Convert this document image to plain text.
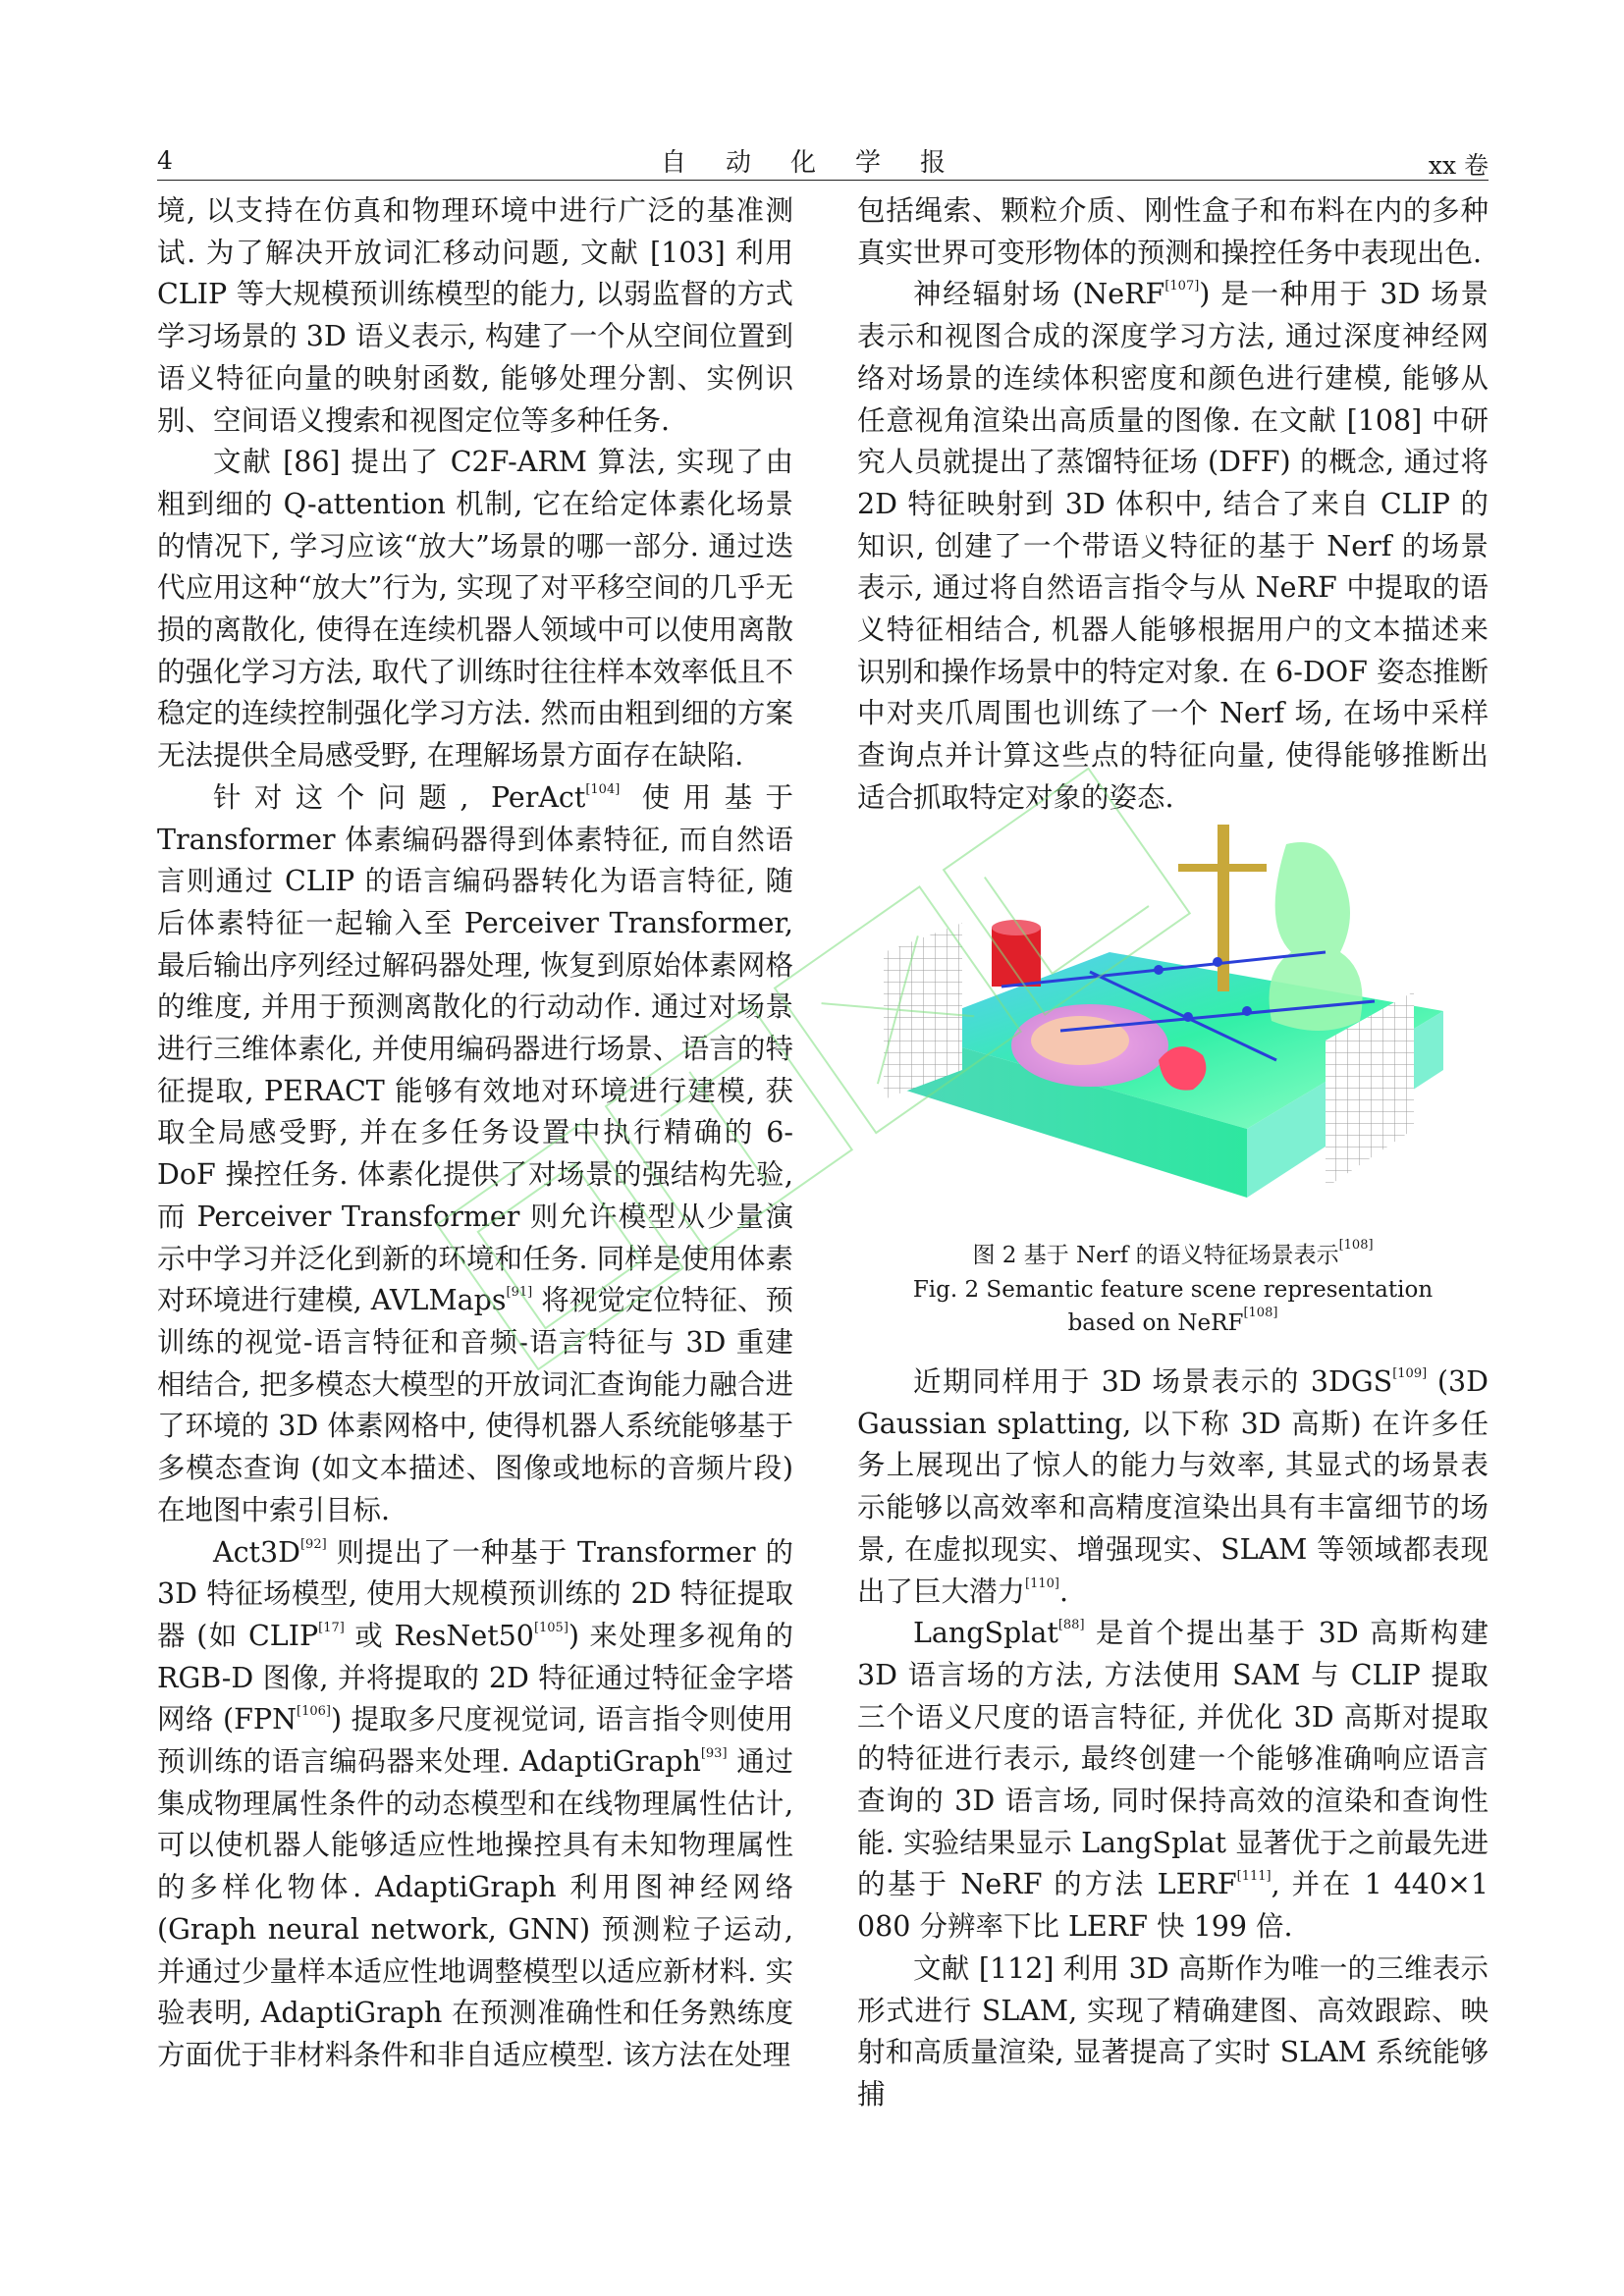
4	自动化学报	xx 卷

境, 以支持在仿真和物理环境中进行广泛的基准测试. 为了解决开放词汇移动问题, 文献 [103] 利用 CLIP 等大规模预训练模型的能力, 以弱监督的方式学习场景的 3D 语义表示, 构建了一个从空间位置到语义特征向量的映射函数, 能够处理分割、实例识别、空间语义搜索和视图定位等多种任务.

文献 [86] 提出了 C2F-ARM 算法, 实现了由粗到细的 Q-attention 机制, 它在给定体素化场景的情况下, 学习应该“放大”场景的哪一部分. 通过迭代应用这种“放大”行为, 实现了对平移空间的几乎无损的离散化, 使得在连续机器人领域中可以使用离散的强化学习方法, 取代了训练时往往样本效率低且不稳定的连续控制强化学习方法. 然而由粗到细的方案无法提供全局感受野, 在理解场景方面存在缺陷.

针对这个问题, PerAct[104] 使用基于 Transformer 体素编码器得到体素特征, 而自然语言则通过 CLIP 的语言编码器转化为语言特征, 随后体素特征一起输入至 Perceiver Transformer, 最后输出序列经过解码器处理, 恢复到原始体素网格的维度, 并用于预测离散化的行动动作. 通过对场景进行三维体素化, 并使用编码器进行场景、语言的特征提取, PERACT 能够有效地对环境进行建模, 获取全局感受野, 并在多任务设置中执行精确的 6-DoF 操控任务. 体素化提供了对场景的强结构先验, 而 Perceiver Transformer 则允许模型从少量演示中学习并泛化到新的环境和任务. 同样是使用体素对环境进行建模, AVLMaps[91] 将视觉定位特征、预训练的视觉-语言特征和音频-语言特征与 3D 重建相结合, 把多模态大模型的开放词汇查询能力融合进了环境的 3D 体素网格中, 使得机器人系统能够基于多模态查询 (如文本描述、图像或地标的音频片段) 在地图中索引目标.

Act3D[92] 则提出了一种基于 Transformer 的 3D 特征场模型, 使用大规模预训练的 2D 特征提取器 (如 CLIP[17] 或 ResNet50[105]) 来处理多视角的 RGB-D 图像, 并将提取的 2D 特征通过特征金字塔网络 (FPN[106]) 提取多尺度视觉词, 语言指令则使用预训练的语言编码器来处理. AdaptiGraph[93] 通过集成物理属性条件的动态模型和在线物理属性估计, 可以使机器人能够适应性地操控具有未知物理属性的多样化物体. AdaptiGraph 利用图神经网络 (Graph neural network, GNN) 预测粒子运动, 并通过少量样本适应性地调整模型以适应新材料. 实验表明, AdaptiGraph 在预测准确性和任务熟练度方面优于非材料条件和非自适应模型. 该方法在处理

包括绳索、颗粒介质、刚性盒子和布料在内的多种真实世界可变形物体的预测和操控任务中表现出色.

神经辐射场 (NeRF[107]) 是一种用于 3D 场景表示和视图合成的深度学习方法, 通过深度神经网络对场景的连续体积密度和颜色进行建模, 能够从任意视角渲染出高质量的图像. 在文献 [108] 中研究人员就提出了蒸馏特征场 (DFF) 的概念, 通过将 2D 特征映射到 3D 体积中, 结合了来自 CLIP 的知识, 创建了一个带语义特征的基于 Nerf 的场景表示, 通过将自然语言指令与从 NeRF 中提取的语义特征相结合, 机器人能够根据用户的文本描述来识别和操作场景中的特定对象. 在 6-DOF 姿态推断中对夹爪周围也训练了一个 Nerf 场, 在场中采样查询点并计算这些点的特征向量, 使得能够推断出适合抓取特定对象的姿态.

图 2 基于 Nerf 的语义特征场景表示[108]
Fig. 2 Semantic feature scene representation
based on NeRF[108]

近期同样用于 3D 场景表示的 3DGS[109] (3D Gaussian splatting, 以下称 3D 高斯) 在许多任务上展现出了惊人的能力与效率, 其显式的场景表示能够以高效率和高精度渲染出具有丰富细节的场景, 在虚拟现实、增强现实、SLAM 等领域都表现出了巨大潜力[110].

LangSplat[88] 是首个提出基于 3D 高斯构建 3D 语言场的方法, 方法使用 SAM 与 CLIP 提取三个语义尺度的语言特征, 并优化 3D 高斯对提取的特征进行表示, 最终创建一个能够准确响应语言查询的 3D 语言场, 同时保持高效的渲染和查询性能. 实验结果显示 LangSplat 显著优于之前最先进的基于 NeRF 的方法 LERF[111], 并在 1 440×1 080 分辨率下比 LERF 快 199 倍.

文献 [112] 利用 3D 高斯作为唯一的三维表示形式进行 SLAM, 实现了精确建图、高效跟踪、映射和高质量渲染, 显著提高了实时 SLAM 系统能够捕
